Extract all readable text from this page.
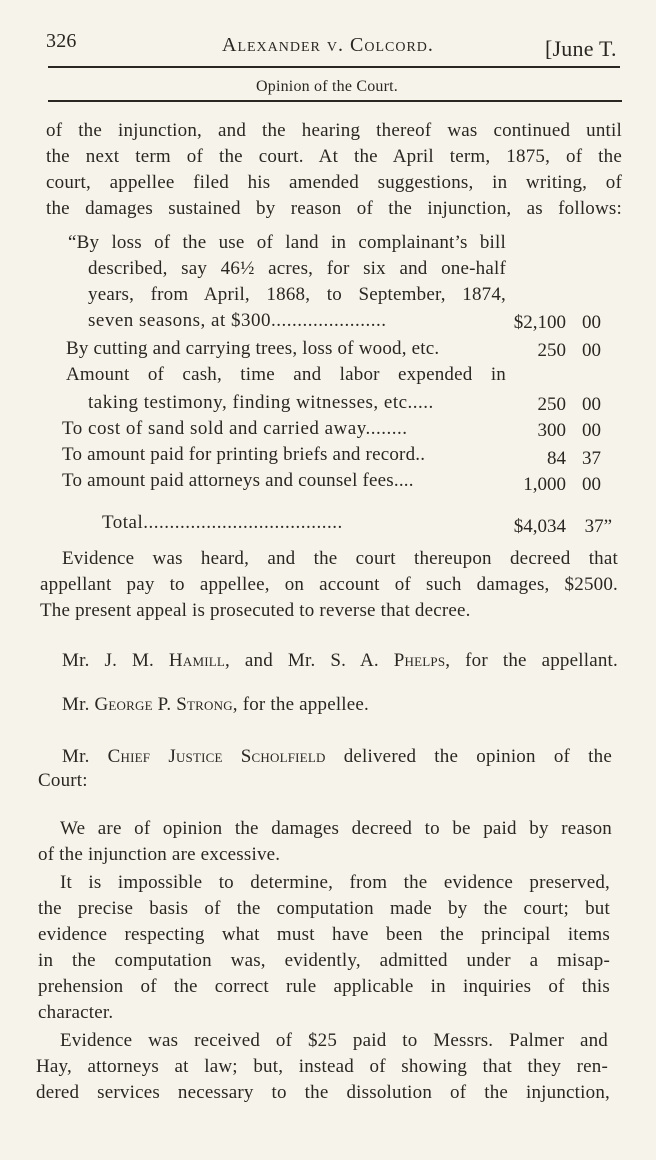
326	Alexander v. Colcord.	[June T.
Opinion of the Court.
of the injunction, and the hearing thereof was continued until
the next term of the court. At the April term, 1875, of the
court, appellee filed his amended suggestions, in writing, of
the damages sustained by reason of the injunction, as follows:
“By loss of the use of land in complainant’s bill
described, say 46½ acres, for six and one-half
years, from April, 1868, to September, 1874,
seven seasons, at $300......................	$2,100 00
By cutting and carrying trees, loss of wood, etc.	250 00
Amount of cash, time and labor expended in
taking testimony, finding witnesses, etc.....	250 00
To cost of sand sold and carried away........	300 00
To amount paid for printing briefs and record..	84 37
To amount paid attorneys and counsel fees....	1,000 00
Total......................................	$4,034 37”
Evidence was heard, and the court thereupon decreed that
appellant pay to appellee, on account of such damages, $2500.
The present appeal is prosecuted to reverse that decree.
Mr. J. M. Hamill, and Mr. S. A. Phelps, for the appellant.
Mr. George P. Strong, for the appellee.
Mr. Chief Justice Scholfield delivered the opinion of the
Court:
We are of opinion the damages decreed to be paid by reason
of the injunction are excessive.
It is impossible to determine, from the evidence preserved,
the precise basis of the computation made by the court; but
evidence respecting what must have been the principal items
in the computation was, evidently, admitted under a misap-
prehension of the correct rule applicable in inquiries of this
character.
Evidence was received of $25 paid to Messrs. Palmer and
Hay, attorneys at law; but, instead of showing that they ren-
dered services necessary to the dissolution of the injunction,
